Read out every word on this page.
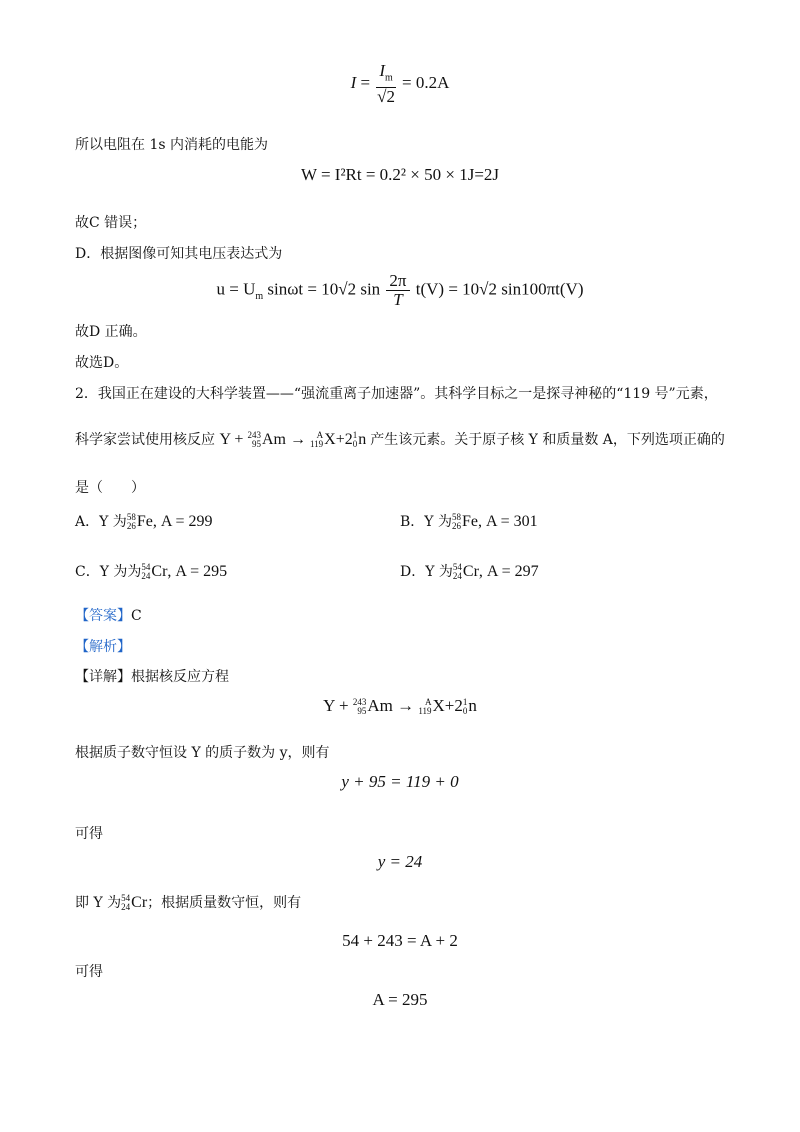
$I = \frac{I_m}{√2} = 0.2A$
所以电阻在 1s 内消耗的电能为
W = I²Rt = 0.2² × 50 × 1J=2J
故C 错误；
D．根据图像可知其电压表达式为
$u = U_m$ sinωt = 10√2 $\sin \frac{2\pi}{T} t(V) = 10√2$ sin100πt(V)
故D 正确。
故选D。
2．我国正在建设的大科学装置——“强流重离子加速器”。其科学目标之一是探寻神秘的“119 号”元素，
科学家尝试使用核反应 Y + 243
95 Am →	A
119 X+2 1
0 n 产生该元素。关于原子核 Y 和质量数 A，下列选项正确的
是（　　）
A．Y 为 58
26 Fe, A = 299	B．Y 为 58
26 Fe, A = 301
C．Y 为为 54
24 Cr, A = 295	D．Y 为 54
24 Cr, A = 297
【答案】C
【解析】
【详解】根据核反应方程
Y + 243
95 Am →	A
119 X+2 1
0 n
根据质子数守恒设 Y 的质子数为 y，则有
y + 95 = 119 + 0
可得
y = 24
即 Y 为 54
24 Cr；根据质量数守恒，则有
54 + 243 = A + 2
可得
A = 295
